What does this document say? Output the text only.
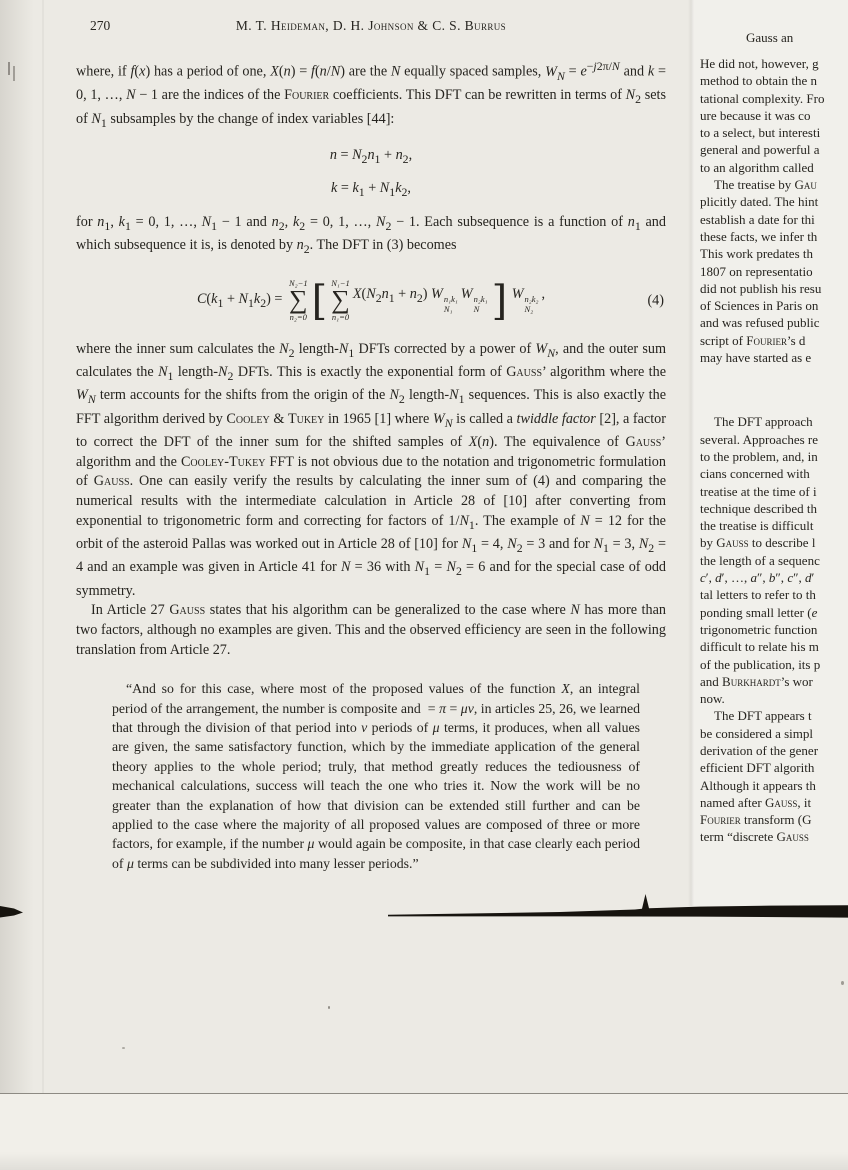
270	M. T. Heideman, D. H. Johnson & C. S. Burrus

where, if f(x) has a period of one, X(n) = f(n/N) are the N equally spaced samples, $W_N = e^{-j2\pi/N}$ and k = 0, 1, …, N − 1 are the indices of the Fourier coefficients. This DFT can be rewritten in terms of $N_2$ sets of $N_1$ subsamples by the change of index variables [44]:

$n = N_2n_1 + n_2$,
$k = k_1 + N_1k_2$,

for $n_1$, $k_1 = 0$, 1, …, $N_1 - 1$ and $n_2$, $k_2 = 0$, 1, …, $N_2 - 1$. Each subsequence is a function of $n_1$ and which subsequence it is, is denoted by $n_2$. The DFT in (3) becomes

$C(k_1 + N_1k_2)$ =
N₂−1
∑
n₂=0 [ N₁−1
∑
n₁=0
$X(N_2n_1 + n_2)$ W n₁k₁
N₁
W n₂k₁
N ] W n₂k₂
N₂
,	(4)

where the inner sum calculates the $N_2$ length-$N_1$ DFTs corrected by a power of $W_N$, and the outer sum calculates the $N_1$ length-$N_2$ DFTs. This is exactly the exponential form of Gauss’ algorithm where the $W_N$ term accounts for the shifts from the origin of the $N_2$ length-$N_1$ sequences. This is also exactly the FFT algorithm derived by Cooley & Tukey in 1965 [1] where $W_N$ is called a twiddle factor [2], a factor to correct the DFT of the inner sum for the shifted samples of X(n). The equivalence of Gauss’ algorithm and the Cooley-Tukey FFT is not obvious due to the notation and trigonometric formulation of Gauss. One can easily verify the results by calculating the inner sum of (4) and comparing the numerical results with the intermediate calculation in Article 28 of [10] after converting from exponential to trigonometric form and correcting for factors of $1/N_1$. The example of N = 12 for the orbit of the asteroid Pallas was worked out in Article 28 of [10] for $N_1 = 4$, $N_2 = 3$ and for $N_1 = 3$, $N_2 = 4$ and an example was given in Article 41 for N = 36 with $N_1 = N_2 = 6$ and for the special case of odd symmetry.

In Article 27 Gauss states that his algorithm can be generalized to the case where N has more than two factors, although no examples are given. This and the observed efficiency are seen in the following translation from Article 27.

“And so for this case, where most of the proposed values of the function X, an integral period of the arrangement, the number is composite and  = π = μν, in articles 25, 26, we learned that through the division of that period into ν periods of μ terms, it produces, when all values are given, the same satisfactory function, which by the immediate application of the general theory applies to the whole period; truly, that method greatly reduces the tediousness of mechanical calculations, success will teach the one who tries it. Now the work will be no greater than the explanation of how that division can be extended still further and can be applied to the case where the majority of all proposed values are composed of three or more factors, for example, if the number μ would again be composite, in that case clearly each period of μ terms can be subdivided into many lesser periods.”
Gauss an
He did not, however, g
method to obtain the n
tational complexity. Fro
ure because it was co
to a select, but interesti
general and powerful a
to an algorithm called
The treatise by Gau
plicitly dated. The hint
establish a date for thi
these facts, we infer th
This work predates th
1807 on representatio
did not publish his resu
of Sciences in Paris on
and was refused public
script of Fourier’s d
may have started as e
The DFT approach
several. Approaches re
to the problem, and, in
cians concerned with
treatise at the time of i
technique described th
the treatise is difficult
by Gauss to describe l
the length of a sequenc
c′, d′, …, a″, b″, c″, d′
tal letters to refer to th
ponding small letter (e
trigonometric function
difficult to relate his m
of the publication, its p
and Burkhardt’s wor
now.
The DFT appears t
be considered a simpl
derivation of the gener
efficient DFT algorith
Although it appears th
named after Gauss, it
Fourier transform (G
term “discrete Gauss
